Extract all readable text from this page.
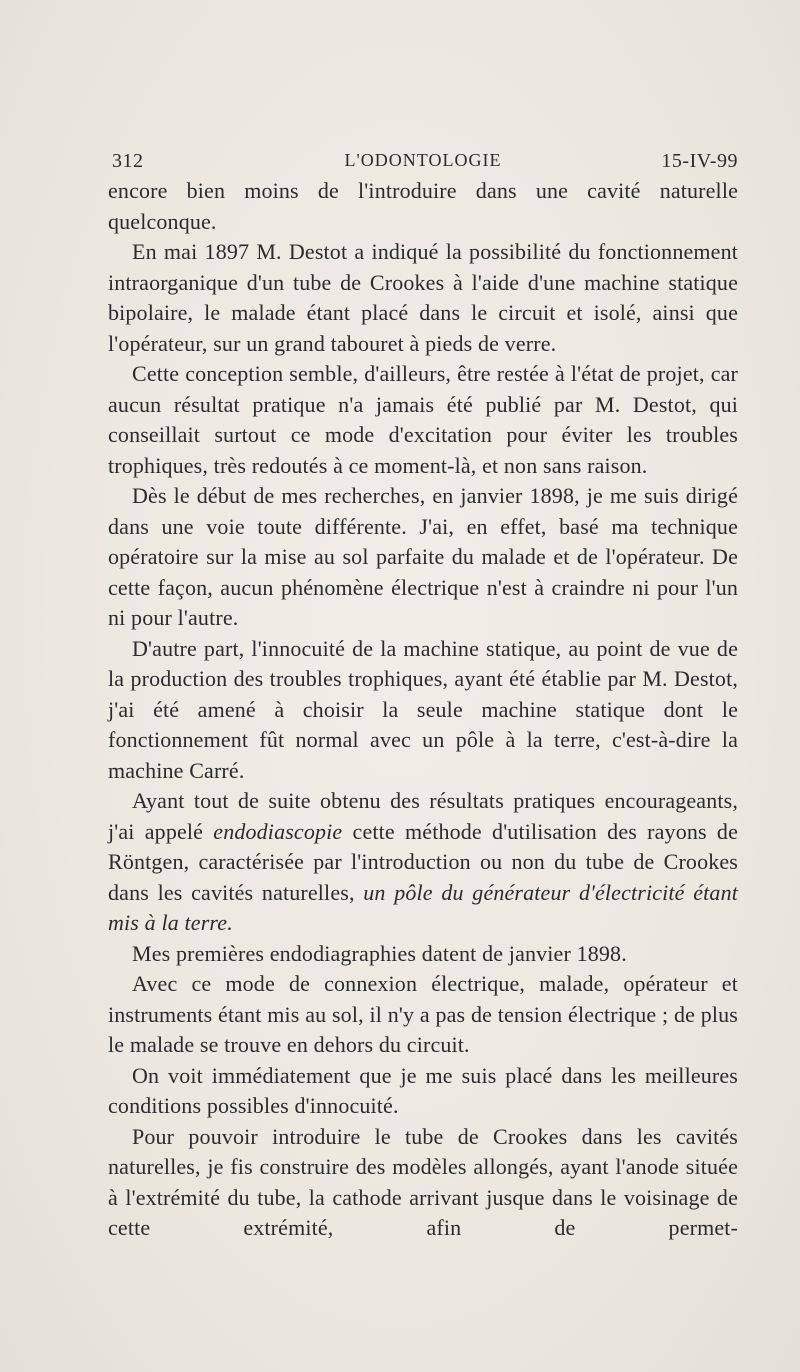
312	L'ODONTOLOGIE	15-IV-99

encore bien moins de l'introduire dans une cavité naturelle quelconque.

En mai 1897 M. Destot a indiqué la possibilité du fonctionnement intraorganique d'un tube de Crookes à l'aide d'une machine statique bipolaire, le malade étant placé dans le circuit et isolé, ainsi que l'opérateur, sur un grand tabouret à pieds de verre.

Cette conception semble, d'ailleurs, être restée à l'état de projet, car aucun résultat pratique n'a jamais été publié par M. Destot, qui conseillait surtout ce mode d'excitation pour éviter les troubles trophiques, très redoutés à ce moment-là, et non sans raison.

Dès le début de mes recherches, en janvier 1898, je me suis dirigé dans une voie toute différente. J'ai, en effet, basé ma technique opératoire sur la mise au sol parfaite du malade et de l'opérateur. De cette façon, aucun phénomène électrique n'est à craindre ni pour l'un ni pour l'autre.

D'autre part, l'innocuité de la machine statique, au point de vue de la production des troubles trophiques, ayant été établie par M. Destot, j'ai été amené à choisir la seule machine statique dont le fonctionnement fût normal avec un pôle à la terre, c'est-à-dire la machine Carré.

Ayant tout de suite obtenu des résultats pratiques encourageants, j'ai appelé endodiascopie cette méthode d'utilisation des rayons de Röntgen, caractérisée par l'introduction ou non du tube de Crookes dans les cavités naturelles, un pôle du générateur d'électricité étant mis à la terre.

Mes premières endodiagraphies datent de janvier 1898.

Avec ce mode de connexion électrique, malade, opérateur et instruments étant mis au sol, il n'y a pas de tension électrique ; de plus le malade se trouve en dehors du circuit.

On voit immédiatement que je me suis placé dans les meilleures conditions possibles d'innocuité.

Pour pouvoir introduire le tube de Crookes dans les cavités naturelles, je fis construire des modèles allongés, ayant l'anode située à l'extrémité du tube, la cathode arrivant jusque dans le voisinage de cette extrémité, afin de permet-
